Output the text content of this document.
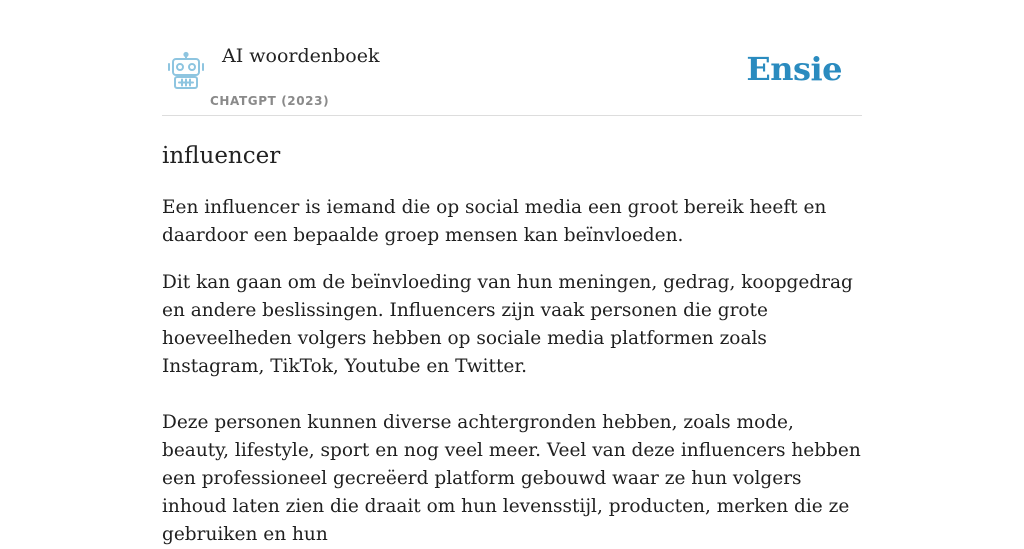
AI woordenboek
CHATGPT (2023)
Ensie
influencer

Een influencer is iemand die op social media een groot bereik heeft en daardoor een bepaalde groep mensen kan beïnvloeden.

Dit kan gaan om de beïnvloeding van hun meningen, gedrag, koopgedrag en andere beslissingen. Influencers zijn vaak personen die grote hoeveelheden volgers hebben op sociale media platformen zoals Instagram, TikTok, Youtube en Twitter.

Deze personen kunnen diverse achtergronden hebben, zoals mode, beauty, lifestyle, sport en nog veel meer. Veel van deze influencers hebben een professioneel gecreëerd platform gebouwd waar ze hun volgers inhoud laten zien die draait om hun levensstijl, producten, merken die ze gebruiken en hun
